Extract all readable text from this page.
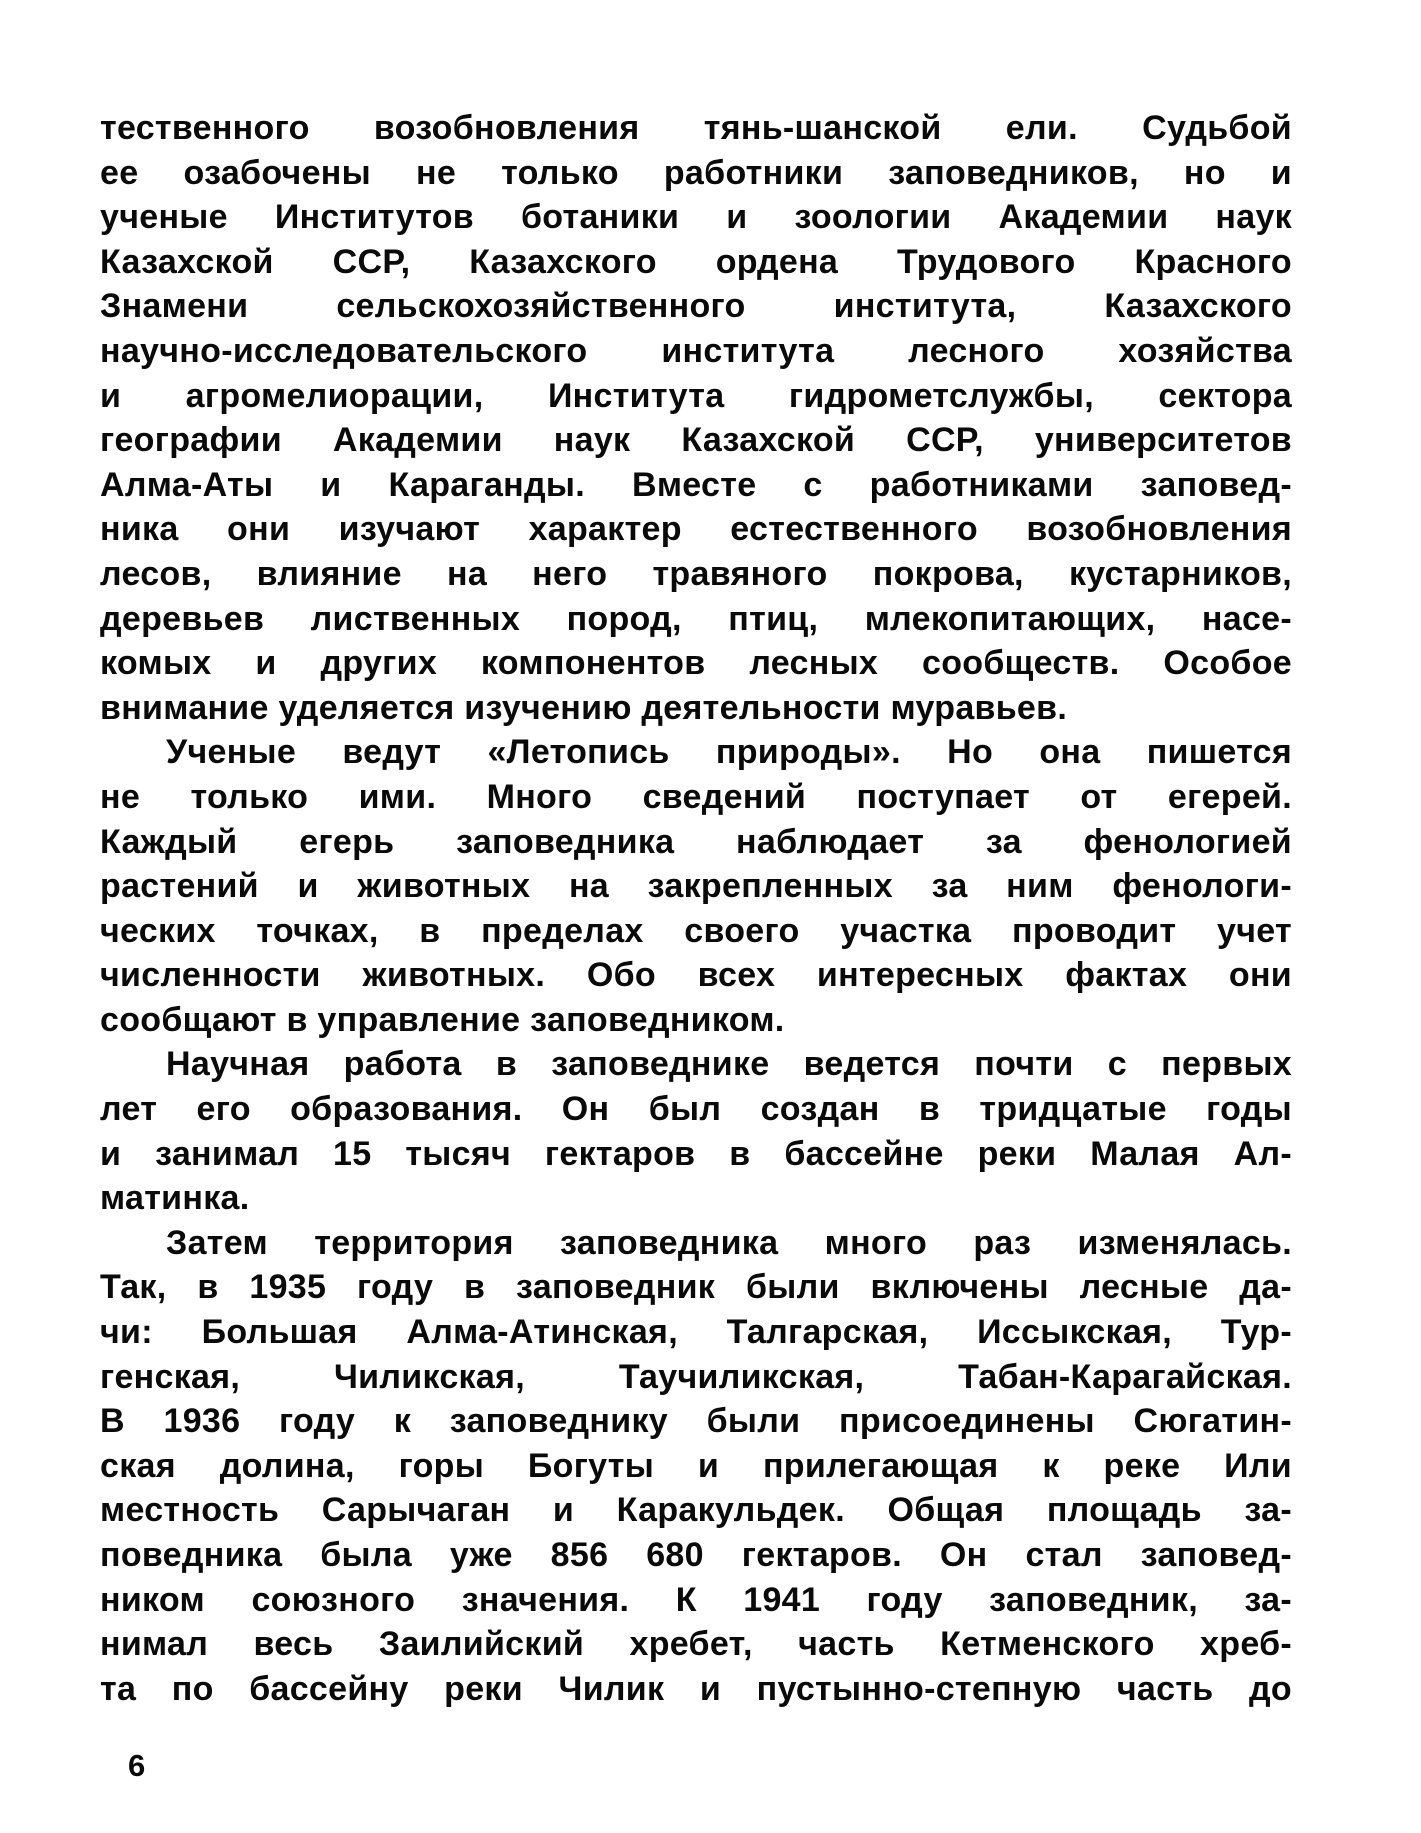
тественного возобновления тянь-шанской ели. Судьбой
ее озабочены не только работники заповедников, но и
ученые Институтов ботаники и зоологии Академии наук
Казахской ССР, Казахского ордена Трудового Красного
Знамени сельскохозяйственного института, Казахского
научно-исследовательского института лесного хозяйства
и агромелиорации, Института гидрометслужбы, сектора
географии Академии наук Казахской ССР, университетов
Алма-Аты и Караганды. Вместе с работниками заповед-
ника они изучают характер естественного возобновления
лесов, влияние на него травяного покрова, кустарников,
деревьев лиственных пород, птиц, млекопитающих, насе-
комых и других компонентов лесных сообществ. Особое
внимание уделяется изучению деятельности муравьев.
Ученые ведут «Летопись природы». Но она пишется
не только ими. Много сведений поступает от егерей.
Каждый егерь заповедника наблюдает за фенологией
растений и животных на закрепленных за ним фенологи-
ческих точках, в пределах своего участка проводит учет
численности животных. Обо всех интересных фактах они
сообщают в управление заповедником.
Научная работа в заповеднике ведется почти с первых
лет его образования. Он был создан в тридцатые годы
и занимал 15 тысяч гектаров в бассейне реки Малая Ал-
матинка.
Затем территория заповедника много раз изменялась.
Так, в 1935 году в заповедник были включены лесные да-
чи: Большая Алма-Атинская, Талгарская, Иссыкская, Тур-
генская, Чиликская, Таучиликская, Табан-Карагайская.
В 1936 году к заповеднику были присоединены Сюгатин-
ская долина, горы Богуты и прилегающая к реке Или
местность Сарычаган и Каракульдек. Общая площадь за-
поведника была уже 856 680 гектаров. Он стал заповед-
ником союзного значения. К 1941 году заповедник, за-
нимал весь Заилийский хребет, часть Кетменского хреб-
та по бассейну реки Чилик и пустынно-степную часть до
6
